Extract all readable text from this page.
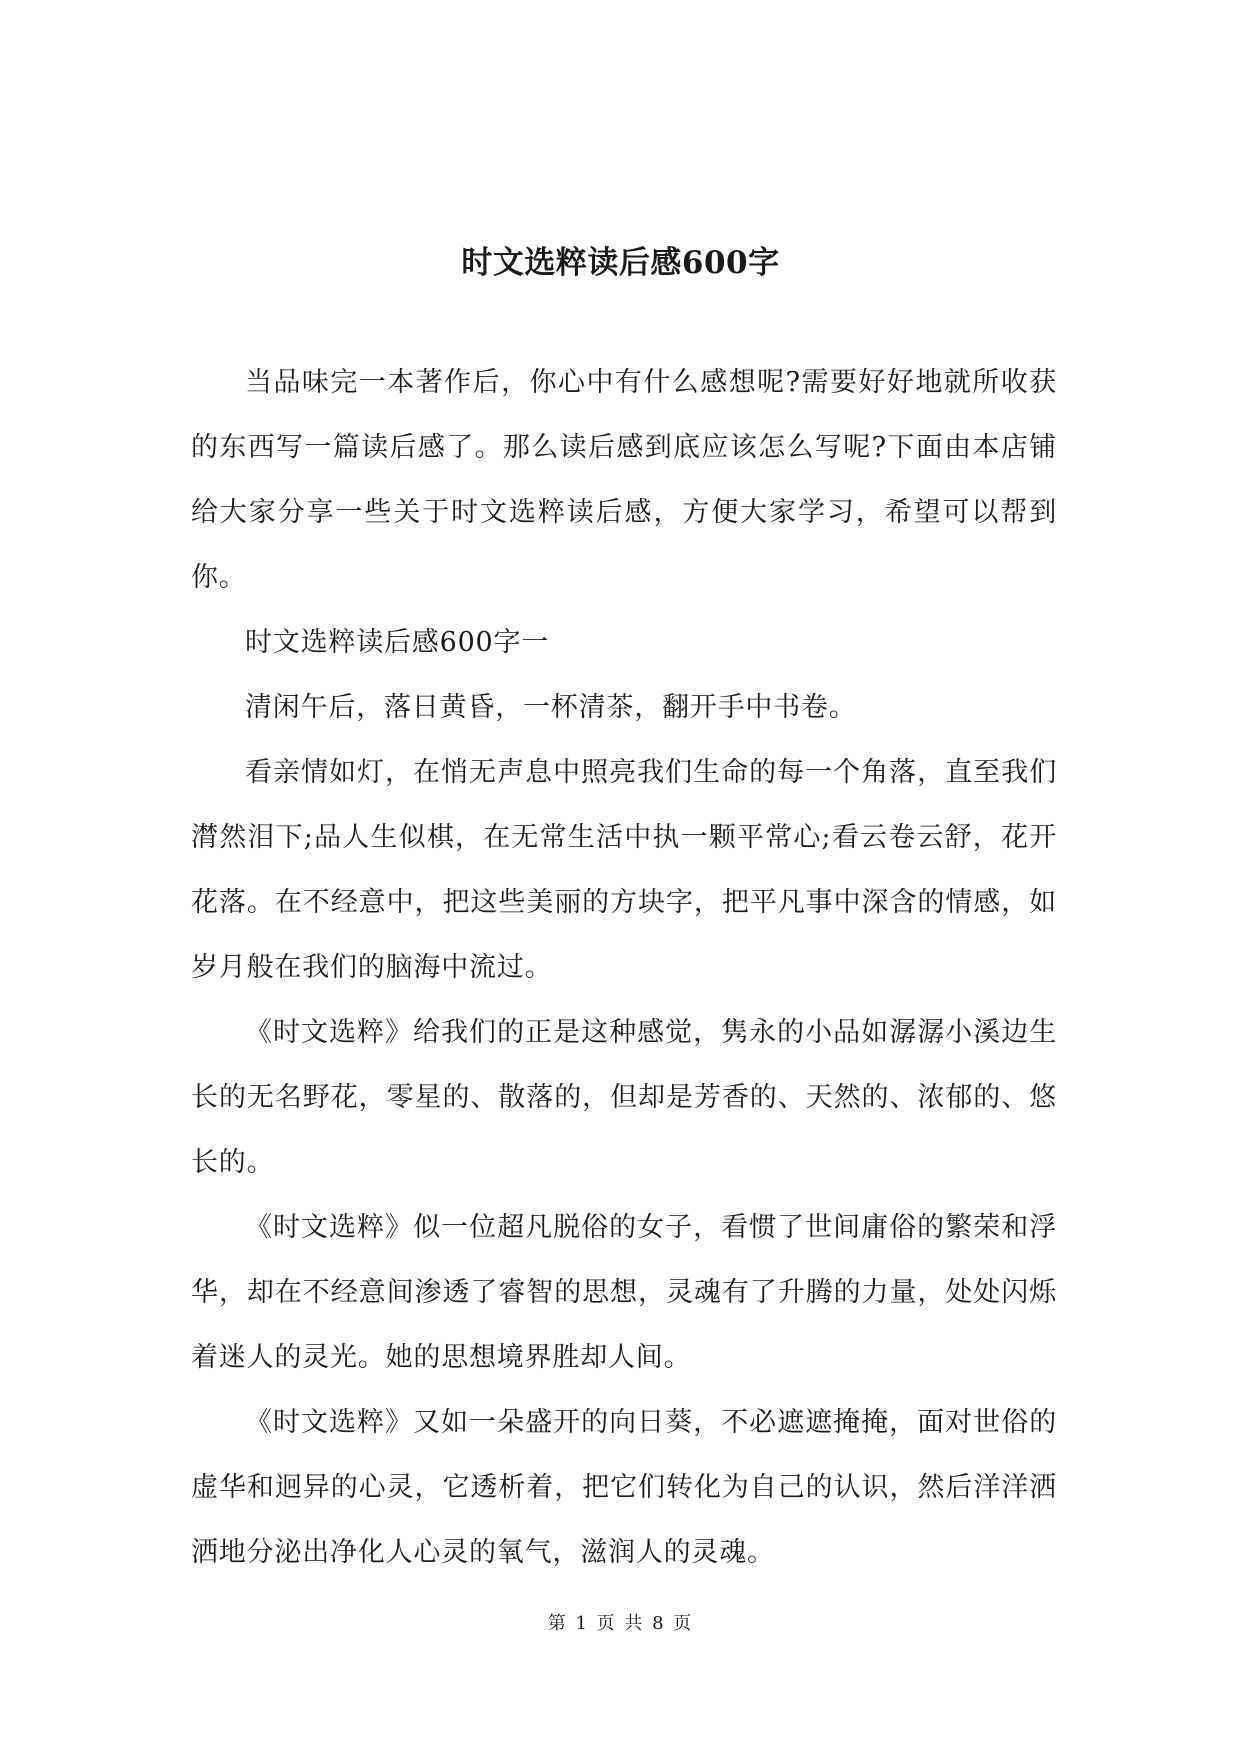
时文选粹读后感600字

当品味完一本著作后，你心中有什么感想呢?需要好好地就所收获的东西写一篇读后感了。那么读后感到底应该怎么写呢?下面由本店铺给大家分享一些关于时文选粹读后感，方便大家学习，希望可以帮到你。

时文选粹读后感600字一

清闲午后，落日黄昏，一杯清茶，翻开手中书卷。

看亲情如灯，在悄无声息中照亮我们生命的每一个角落，直至我们潸然泪下;品人生似棋，在无常生活中执一颗平常心;看云卷云舒，花开花落。在不经意中，把这些美丽的方块字，把平凡事中深含的情感，如岁月般在我们的脑海中流过。

《时文选粹》给我们的正是这种感觉，隽永的小品如潺潺小溪边生长的无名野花，零星的、散落的，但却是芳香的、天然的、浓郁的、悠长的。

《时文选粹》似一位超凡脱俗的女子，看惯了世间庸俗的繁荣和浮华，却在不经意间渗透了睿智的思想，灵魂有了升腾的力量，处处闪烁着迷人的灵光。她的思想境界胜却人间。

《时文选粹》又如一朵盛开的向日葵，不必遮遮掩掩，面对世俗的虚华和迥异的心灵，它透析着，把它们转化为自己的认识，然后洋洋洒洒地分泌出净化人心灵的氧气，滋润人的灵魂。

第 1 页 共 8 页
